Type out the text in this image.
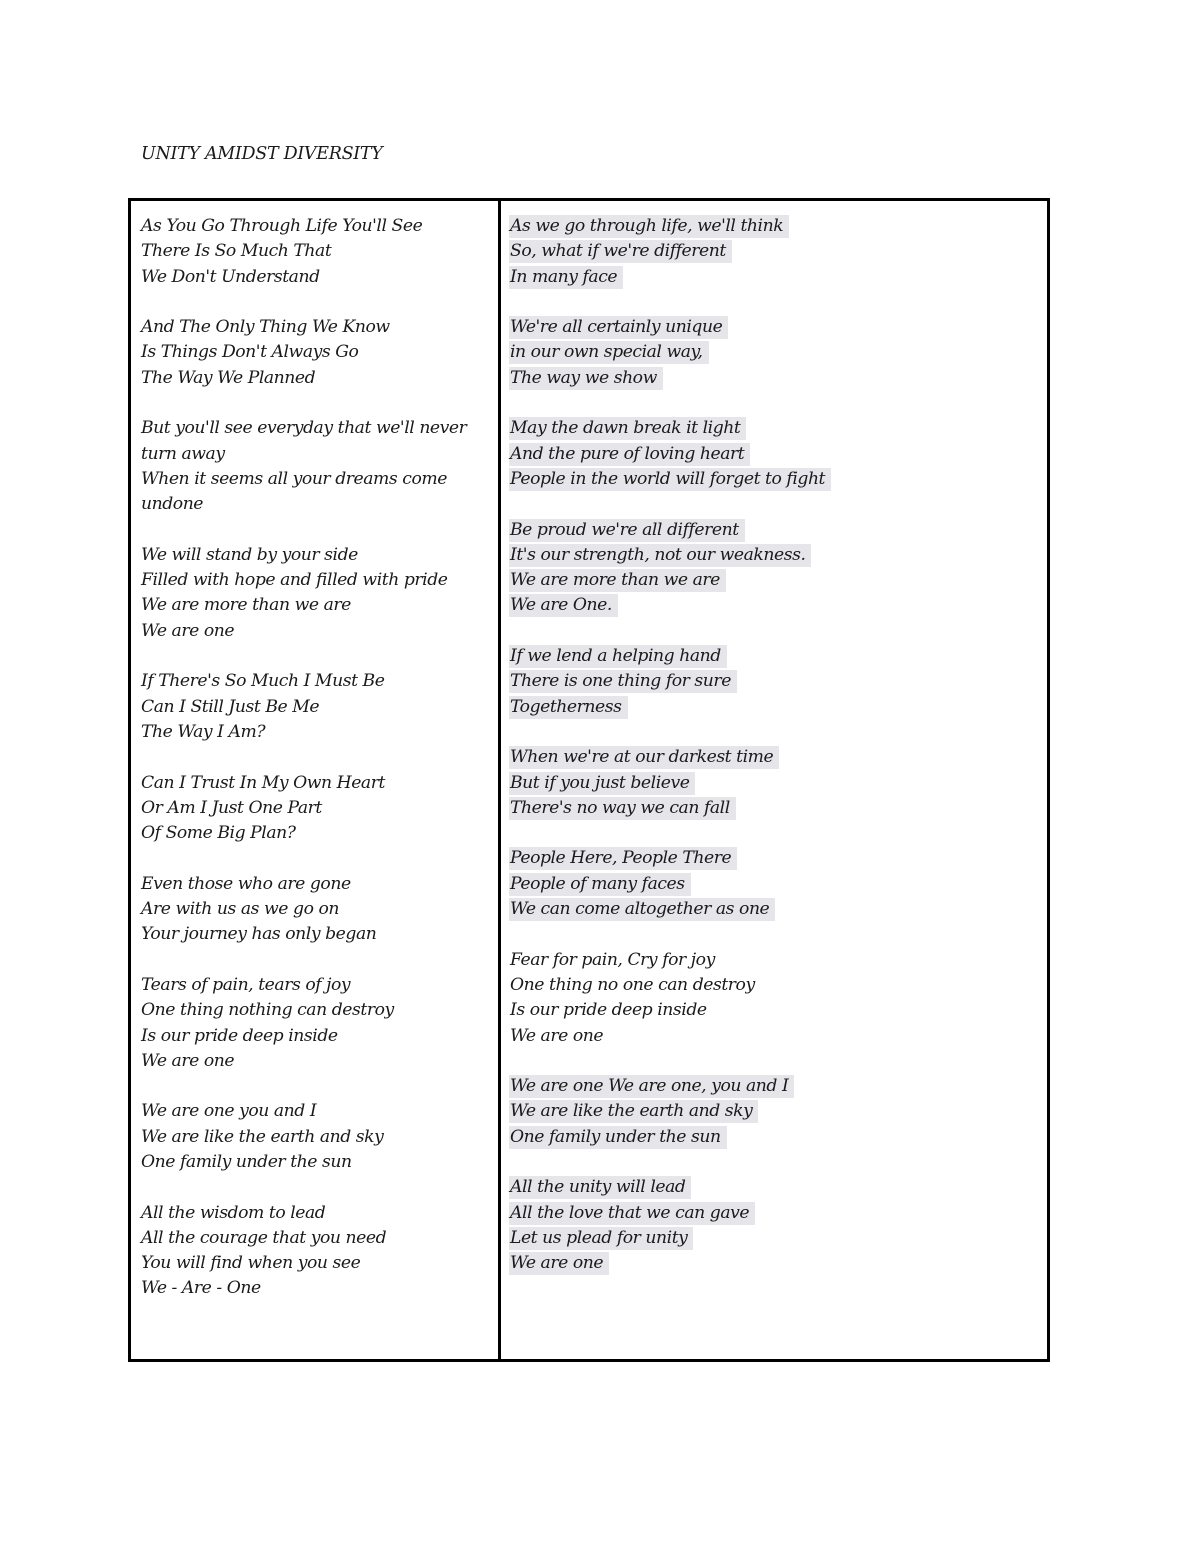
UNITY AMIDST DIVERSITY
As You Go Through Life You'll See
There Is So Much That
We Don't Understand
And The Only Thing We Know
Is Things Don't Always Go
The Way We Planned
But you'll see everyday that we'll never
turn away
When it seems all your dreams come
undone
We will stand by your side
Filled with hope and filled with pride
We are more than we are
We are one
If There's So Much I Must Be
Can I Still Just Be Me
The Way I Am?
Can I Trust In My Own Heart
Or Am I Just One Part
Of Some Big Plan?
Even those who are gone
Are with us as we go on
Your journey has only began
Tears of pain, tears of joy
One thing nothing can destroy
Is our pride deep inside
We are one
We are one you and I
We are like the earth and sky
One family under the sun
All the wisdom to lead
All the courage that you need
You will find when you see
We - Are - One
As we go through life, we'll think
So, what if we're different
In many face
We're all certainly unique
in our own special way,
The way we show
May the dawn break it light
And the pure of loving heart
People in the world will forget to fight
Be proud we're all different
It's our strength, not our weakness.
We are more than we are
We are One.
If we lend a helping hand
There is one thing for sure
Togetherness
When we're at our darkest time
But if you just believe
There's no way we can fall
People Here, People There
People of many faces
We can come altogether as one
Fear for pain, Cry for joy
One thing no one can destroy
Is our pride deep inside
We are one
We are one We are one, you and I
We are like the earth and sky
One family under the sun
All the unity will lead
All the love that we can gave
Let us plead for unity
We are one
